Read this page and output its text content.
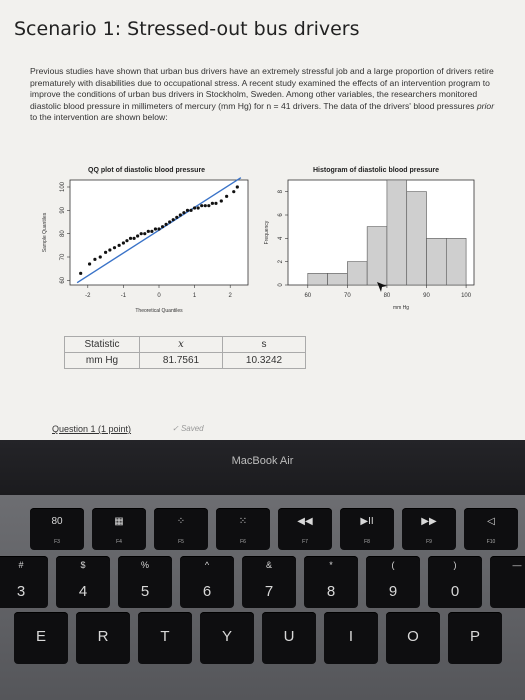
Scenario 1: Stressed-out bus drivers
Previous studies have shown that urban bus drivers have an extremely stressful job and a large proportion of drivers retire prematurely with disabilities due to occupational stress. A recent study examined the effects of an intervention program to improve the conditions of urban bus drivers in Stockholm, Sweden. Among other variables, the researchers monitored diastolic blood pressure in millimeters of mercury (mm Hg) for n = 41 drivers. The data of the drivers' blood pressures prior to the intervention are shown below:
QQ plot of diastolic blood pressure
-2	-1	0	1	2
60
70
80
90
100
Theoretical Quantiles
Sample Quantiles
Histogram of diastolic blood pressure
60	70	80	90	100
0
2
4
6
8
mm Hg
Frequency
Statistic	x	s
mm Hg	81.7561	10.3242
Question 1 (1 point)	✓ Saved
MacBook Air
80
F3
▦
F4
⁘
F5
⁙
F6
◀◀
F7
▶II
F8
▶▶
F9
◁
F10
#
3
$
4
%
5
^
6
&
7
*
8
(
9
)
0
—
E	R	T	Y	U	I	O	P
